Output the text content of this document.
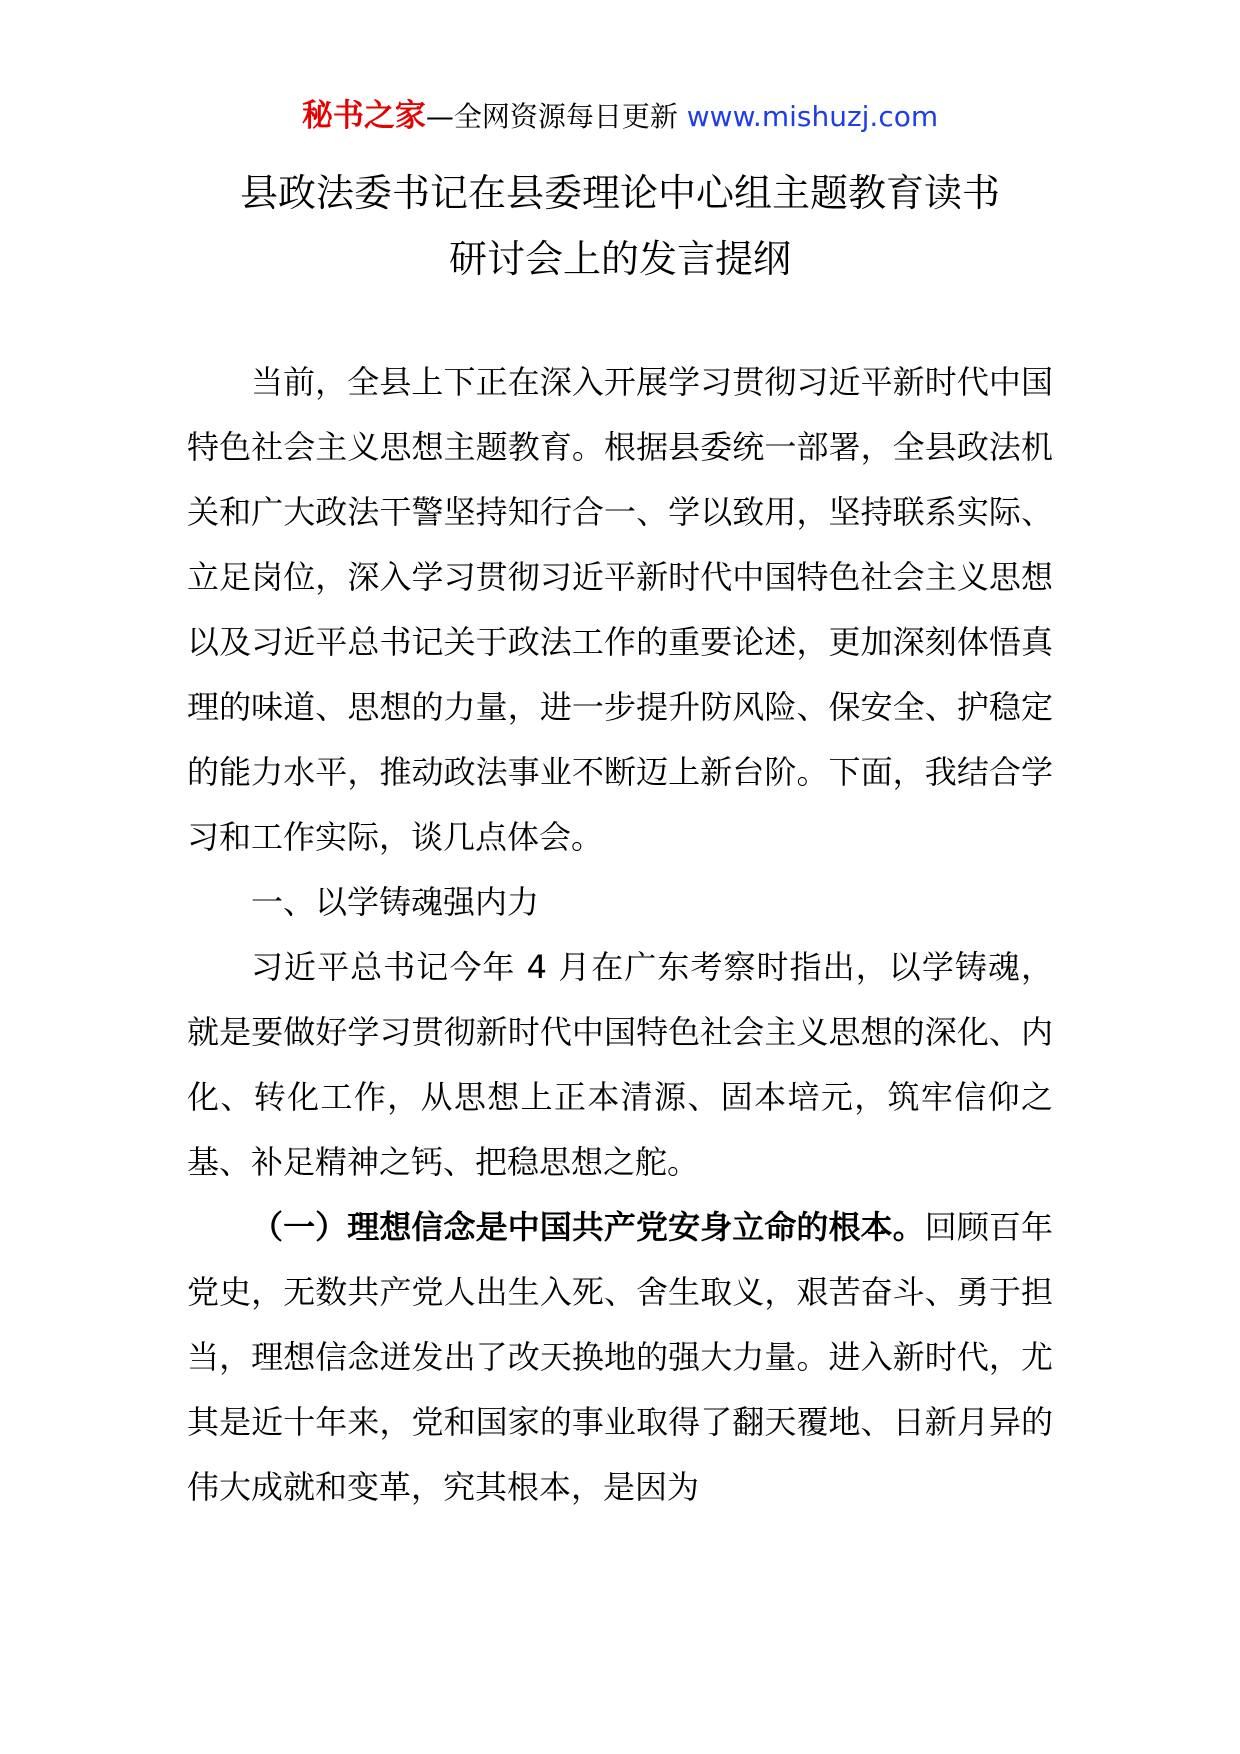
秘书之家—全网资源每日更新 www.mishuzj.com
县政法委书记在县委理论中心组主题教育读书
研讨会上的发言提纲

当前，全县上下正在深入开展学习贯彻习近平新时代中国特色社会主义思想主题教育。根据县委统一部署，全县政法机关和广大政法干警坚持知行合一、学以致用，坚持联系实际、立足岗位，深入学习贯彻习近平新时代中国特色社会主义思想以及习近平总书记关于政法工作的重要论述，更加深刻体悟真理的味道、思想的力量，进一步提升防风险、保安全、护稳定的能力水平，推动政法事业不断迈上新台阶。下面，我结合学习和工作实际，谈几点体会。

一、以学铸魂强内力

习近平总书记今年 4 月在广东考察时指出，以学铸魂，就是要做好学习贯彻新时代中国特色社会主义思想的深化、内化、转化工作，从思想上正本清源、固本培元，筑牢信仰之基、补足精神之钙、把稳思想之舵。

（一）理想信念是中国共产党安身立命的根本。回顾百年党史，无数共产党人出生入死、舍生取义，艰苦奋斗、勇于担当，理想信念迸发出了改天换地的强大力量。进入新时代，尤其是近十年来，党和国家的事业取得了翻天覆地、日新月异的伟大成就和变革，究其根本，是因为
